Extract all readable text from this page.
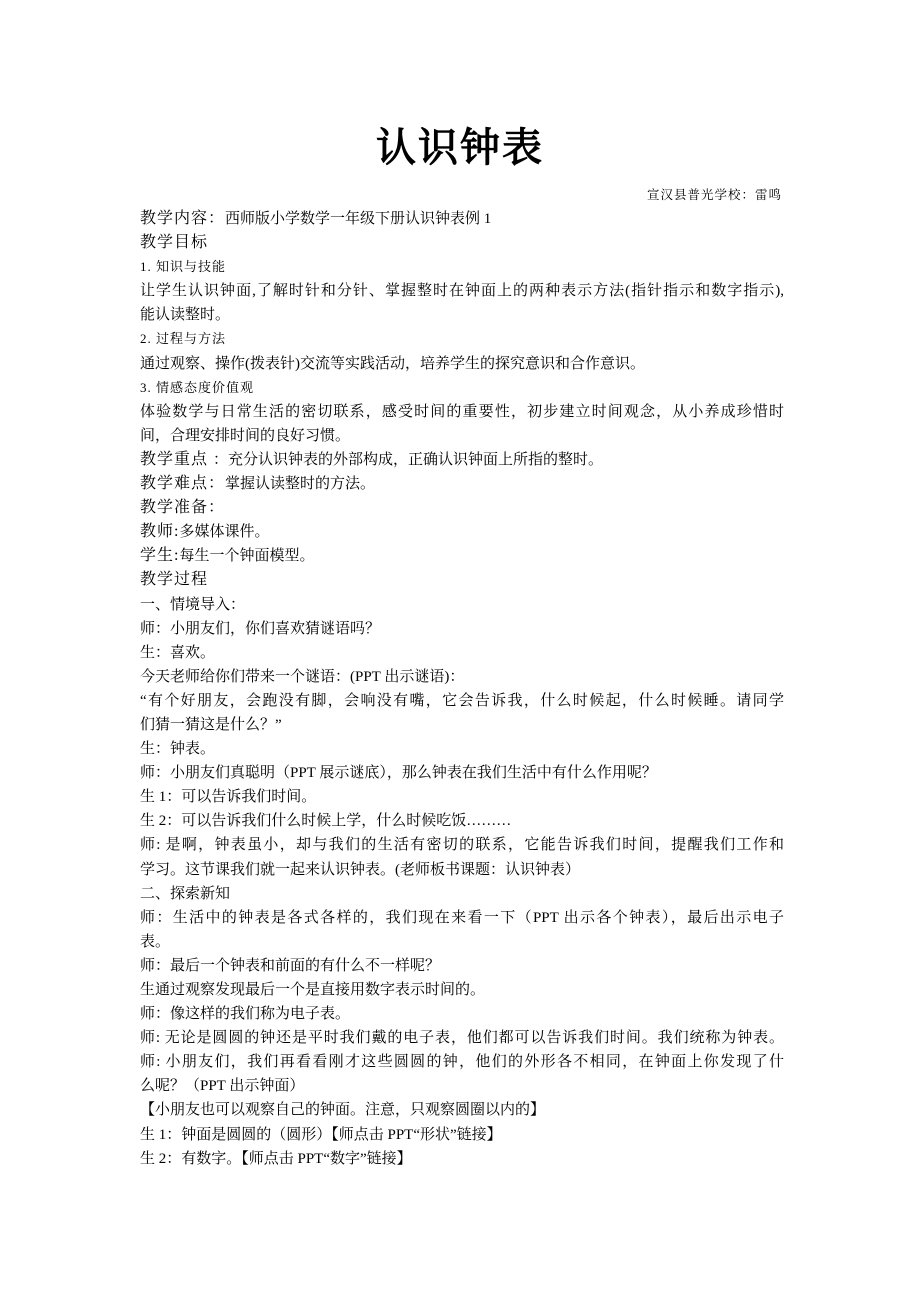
认识钟表
宣汉县普光学校：雷鸣
教学内容：西师版小学数学一年级下册认识钟表例 1
教学目标
1. 知识与技能
让学生认识钟面,了解时针和分针、掌握整时在钟面上的两种表示方法(指针指示和数字指示),
能认读整时。
2. 过程与方法
通过观察、操作(拨表针)交流等实践活动，培养学生的探究意识和合作意识。
3. 情感态度价值观
体验数学与日常生活的密切联系，感受时间的重要性，初步建立时间观念，从小养成珍惜时
间，合理安排时间的良好习惯。
教学重点 ：充分认识钟表的外部构成，正确认识钟面上所指的整时。
教学难点：掌握认读整时的方法。
教学准备：
教师:多媒体课件。
学生:每生一个钟面模型。
教学过程
一、情境导入：
师：小朋友们，你们喜欢猜谜语吗？
生：喜欢。
今天老师给你们带来一个谜语：(PPT 出示谜语)：
“有个好朋友，会跑没有脚，会响没有嘴，它会告诉我，什么时候起，什么时候睡。请同学
们猜一猜这是什么？”
生：钟表。
师：小朋友们真聪明（PPT 展示谜底），那么钟表在我们生活中有什么作用呢？
生 1：可以告诉我们时间。
生 2：可以告诉我们什么时候上学，什么时候吃饭………
师: 是啊，钟表虽小，却与我们的生活有密切的联系，它能告诉我们时间，提醒我们工作和
学习。这节课我们就一起来认识钟表。(老师板书课题：认识钟表）
二、探索新知
师：生活中的钟表是各式各样的，我们现在来看一下（PPT 出示各个钟表），最后出示电子
表。
师：最后一个钟表和前面的有什么不一样呢？
生通过观察发现最后一个是直接用数字表示时间的。
师：像这样的我们称为电子表。
师: 无论是圆圆的钟还是平时我们戴的电子表，他们都可以告诉我们时间。我们统称为钟表。
师: 小朋友们，我们再看看刚才这些圆圆的钟，他们的外形各不相同，在钟面上你发现了什
么呢？（PPT 出示钟面）
【小朋友也可以观察自己的钟面。注意，只观察圆圈以内的】
生 1：钟面是圆圆的（圆形）【师点击 PPT“形状”链接】
生 2：有数字。【师点击 PPT“数字”链接】
